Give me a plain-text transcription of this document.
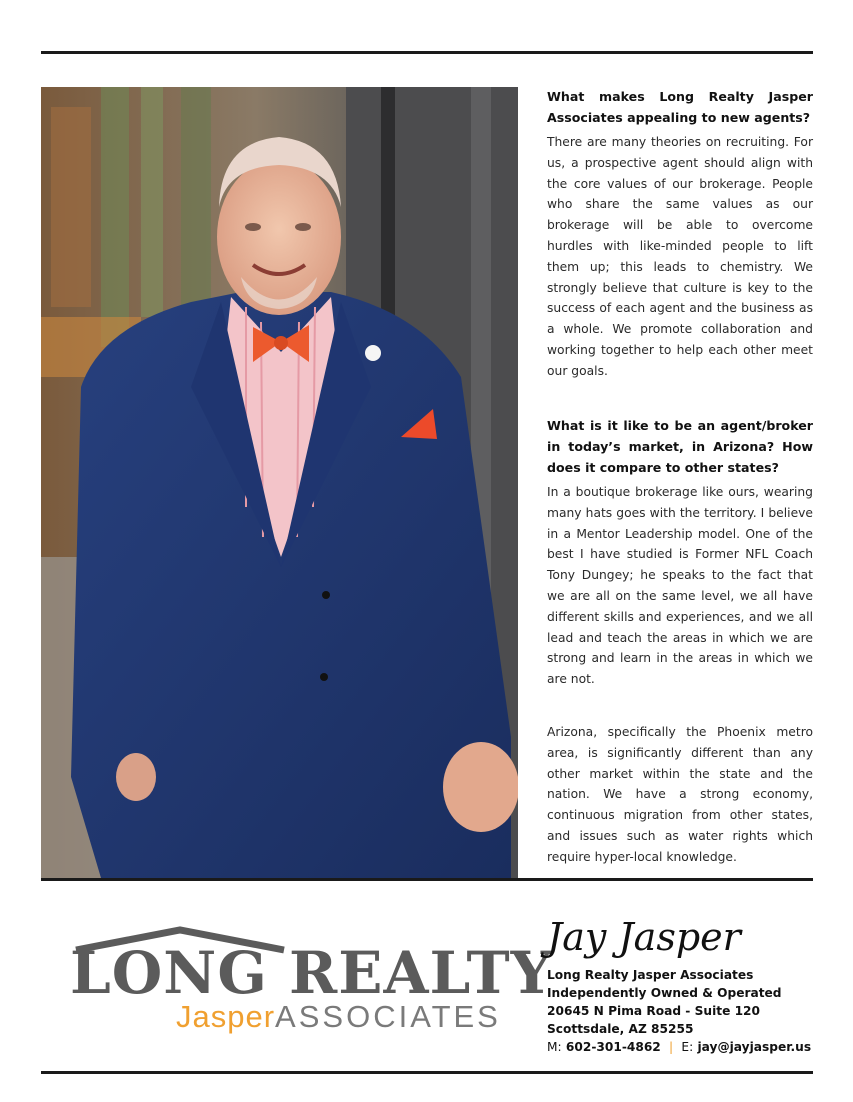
What makes Long Realty Jasper Associates appealing to new agents?

There are many theories on recruiting. For us, a prospective agent should align with the core values of our brokerage. People who share the same values as our brokerage will be able to overcome hurdles with like-minded people to lift them up; this leads to chemistry. We strongly believe that culture is key to the success of each agent and the business as a whole. We promote collaboration and working together to help each other meet our goals.

What is it like to be an agent/broker in today’s market, in Arizona? How does it compare to other states?

In a boutique brokerage like ours, wearing many hats goes with the territory. I believe in a Mentor Leadership model. One of the best I have studied is Former NFL Coach Tony Dungey; he speaks to the fact that we are all on the same level, we all have different skills and experiences, and we all lead and teach the areas in which we are strong and learn in the areas in which we are not.

Arizona, specifically the Phoenix metro area, is significantly different than any other market within the state and the nation. We have a strong economy, continuous migration from other states, and issues such as water rights which require hyper-local knowledge.

LONG REALTY
JasperASSOCIATES
Jay Jasper
Long Realty Jasper Associates
Independently Owned & Operated
20645 N Pima Road - Suite 120
Scottsdale, AZ 85255
M: 602-301-4862 | E: jay@jayjasper.us
